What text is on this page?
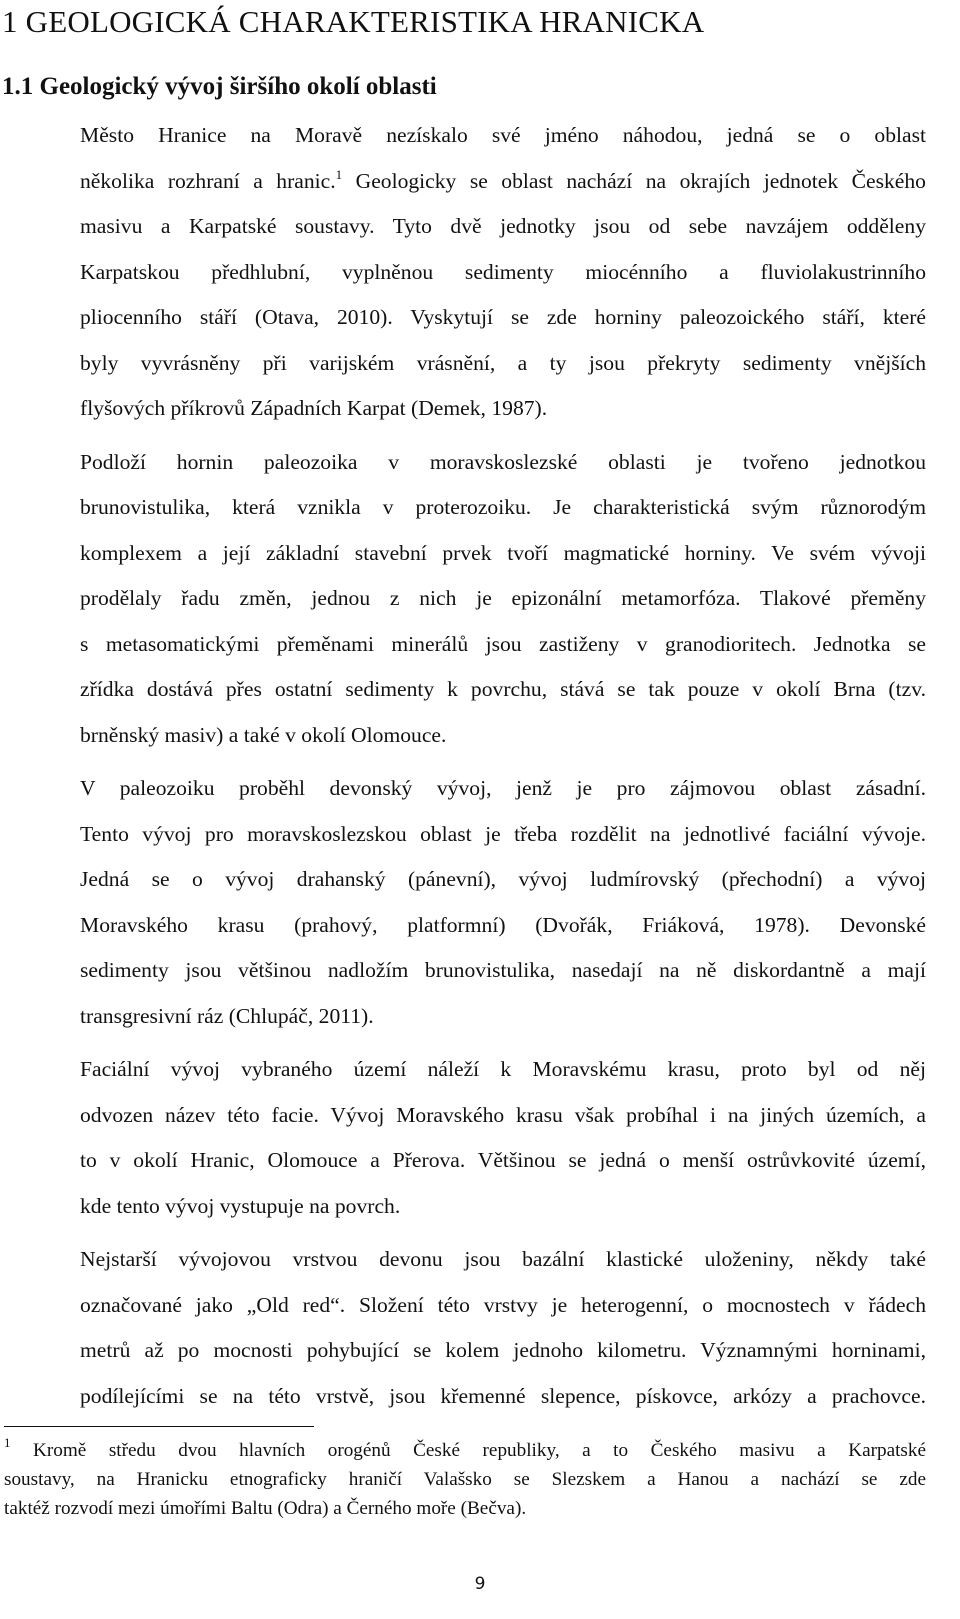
1 GEOLOGICKÁ CHARAKTERISTIKA HRANICKA
1.1 Geologický vývoj širšího okolí oblasti

Město Hranice na Moravě nezískalo své jméno náhodou, jedná se o oblast
několika rozhraní a hranic.$^1$ Geologicky se oblast nachází na okrajích jednotek Českého
masivu a Karpatské soustavy. Tyto dvě jednotky jsou od sebe navzájem odděleny
Karpatskou předhlubní, vyplněnou sedimenty miocénního a fluviolakustrinního
pliocenního stáří (Otava, 2010). Vyskytují se zde horniny paleozoického stáří, které
byly vyvrásněny při varijském vrásnění, a ty jsou překryty sedimenty vnějších
flyšových příkrovů Západních Karpat (Demek, 1987).

Podloží hornin paleozoika v moravskoslezské oblasti je tvořeno jednotkou
brunovistulika, která vznikla v proterozoiku. Je charakteristická svým různorodým
komplexem a její základní stavební prvek tvoří magmatické horniny. Ve svém vývoji
prodělaly řadu změn, jednou z nich je epizonální metamorfóza. Tlakové přeměny
s metasomatickými přeměnami minerálů jsou zastiženy v granodioritech. Jednotka se
zřídka dostává přes ostatní sedimenty k povrchu, stává se tak pouze v okolí Brna (tzv.
brněnský masiv) a také v okolí Olomouce.

V paleozoiku proběhl devonský vývoj, jenž je pro zájmovou oblast zásadní.
Tento vývoj pro moravskoslezskou oblast je třeba rozdělit na jednotlivé faciální vývoje.
Jedná se o vývoj drahanský (pánevní), vývoj ludmírovský (přechodní) a vývoj
Moravského krasu (prahový, platformní) (Dvořák, Friáková, 1978). Devonské
sedimenty jsou většinou nadložím brunovistulika, nasedají na ně diskordantně a mají
transgresivní ráz (Chlupáč, 2011).

Faciální vývoj vybraného území náleží k Moravskému krasu, proto byl od něj
odvozen název této facie. Vývoj Moravského krasu však probíhal i na jiných územích, a
to v okolí Hranic, Olomouce a Přerova. Většinou se jedná o menší ostrůvkovité území,
kde tento vývoj vystupuje na povrch.

Nejstarší vývojovou vrstvou devonu jsou bazální klastické uloženiny, někdy také
označované jako „Old red“. Složení této vrstvy je heterogenní, o mocnostech v řádech
metrů až po mocnosti pohybující se kolem jednoho kilometru. Významnými horninami,
podílejícími se na této vrstvě, jsou křemenné slepence, pískovce, arkózy a prachovce.

$^1$ Kromě středu dvou hlavních orogénů České republiky, a to Českého masivu a Karpatské
soustavy, na Hranicku etnograficky hraničí Valašsko se Slezskem a Hanou a nachází se zde
taktéž rozvodí mezi úmořími Baltu (Odra) a Černého moře (Bečva).
9
